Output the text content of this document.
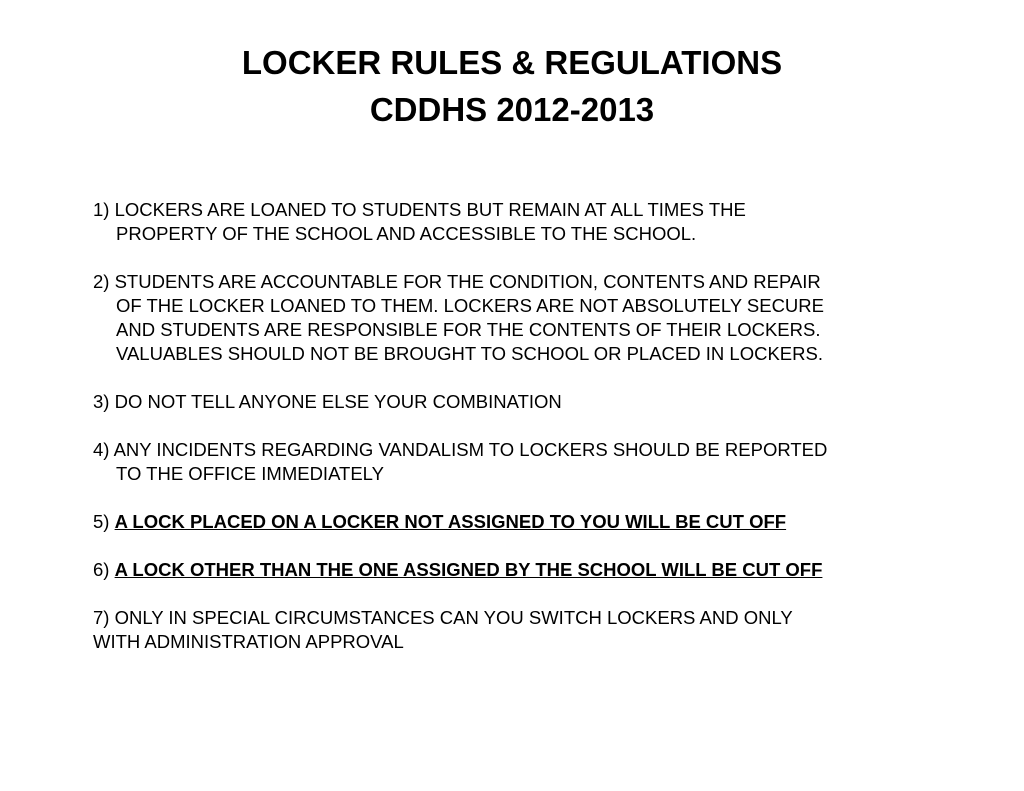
LOCKER RULES & REGULATIONS
CDDHS 2012-2013
1) LOCKERS ARE LOANED TO STUDENTS BUT REMAIN AT ALL TIMES THE
PROPERTY OF THE SCHOOL AND ACCESSIBLE TO THE SCHOOL.
2) STUDENTS ARE ACCOUNTABLE FOR THE CONDITION, CONTENTS AND REPAIR
OF THE LOCKER LOANED TO THEM. LOCKERS ARE NOT ABSOLUTELY SECURE
AND STUDENTS ARE RESPONSIBLE FOR THE CONTENTS OF THEIR LOCKERS.
VALUABLES SHOULD NOT BE BROUGHT TO SCHOOL OR PLACED IN LOCKERS.
3) DO NOT TELL ANYONE ELSE YOUR COMBINATION
4) ANY INCIDENTS REGARDING VANDALISM TO LOCKERS SHOULD BE REPORTED
TO THE OFFICE IMMEDIATELY
5) A LOCK PLACED ON A LOCKER NOT ASSIGNED TO YOU WILL BE CUT OFF
6) A LOCK OTHER THAN THE ONE ASSIGNED BY THE SCHOOL WILL BE CUT OFF
7) ONLY IN SPECIAL CIRCUMSTANCES CAN YOU SWITCH LOCKERS AND ONLY
WITH ADMINISTRATION APPROVAL
